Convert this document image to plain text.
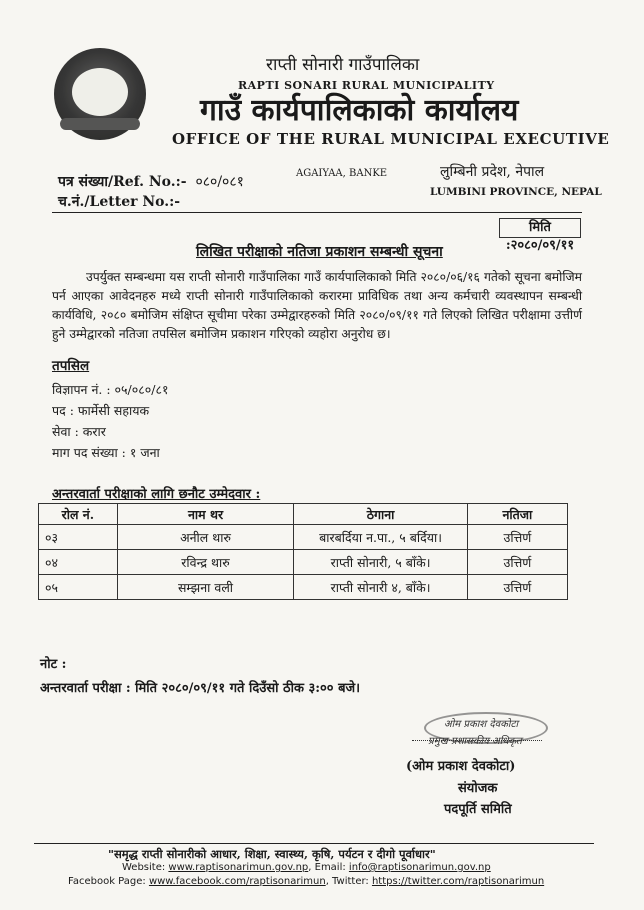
राप्ती सोनारी गाउँपालिका
RAPTI SONARI RURAL MUNICIPALITY
गाउँ कार्यपालिकाको कार्यालय
OFFICE OF THE RURAL MUNICIPAL EXECUTIVE
AGAIYAA, BANKE	लुम्बिनी प्रदेश, नेपाल
LUMBINI PROVINCE, NEPAL
पत्र संख्या/Ref. No.:- ०८०/०८१
च.नं./Letter No.:-
मिति :२०८०/०९/११
लिखित परीक्षाको नतिजा प्रकाशन सम्बन्धी सूचना
उपर्युक्त सम्बन्धमा यस राप्ती सोनारी गाउँपालिका गाउँ कार्यपालिकाको मिति २०८०/०६/१६ गतेको सूचना बमोजिम पर्न आएका आवेदनहरु मध्ये राप्ती सोनारी गाउँपालिकाको करारमा प्राविधिक तथा अन्य कर्मचारी व्यवस्थापन सम्बन्धी कार्यविधि, २०८० बमोजिम संक्षिप्त सूचीमा परेका उम्मेद्वारहरुको मिति २०८०/०९/११ गते लिएको लिखित परीक्षामा उत्तीर्ण हुने उम्मेद्वारको नतिजा तपसिल बमोजिम प्रकाशन गरिएको व्यहोरा अनुरोध छ।
तपसिल
विज्ञापन नं. : ०५/०८०/८१
पद : फार्मेसी सहायक
सेवा : करार
माग पद संख्या : १ जना
अन्तरवार्ता परीक्षाको लागि छनौट उम्मेदवार :
रोल नं.	नाम थर	ठेगाना	नतिजा
०३	अनील थारु	बारबर्दिया न.पा., ५ बर्दिया।	उत्तिर्ण
०४	रविन्द्र थारु	राप्ती सोनारी, ५ बाँके।	उत्तिर्ण
०५	सम्झना वली	राप्ती सोनारी ४, बाँके।	उत्तिर्ण
नोट :
अन्तरवार्ता परीक्षा : मिति २०८०/०९/११ गते दिउँसो ठीक ३:०० बजे।
ओम प्रकाश देवकोटा
प्रमुख प्रशासकीय अधिकृत
(ओम प्रकाश देवकोटा)
संयोजक
पदपूर्ति समिति
"समृद्ध राप्ती सोनारीको आधार, शिक्षा, स्वास्थ्य, कृषि, पर्यटन र दीगो पूर्वाधार"
Website: www.raptisonarimun.gov.np, Email: info@raptisonarimun.gov.np
Facebook Page: www.facebook.com/raptisonarimun, Twitter: https://twitter.com/raptisonarimun
